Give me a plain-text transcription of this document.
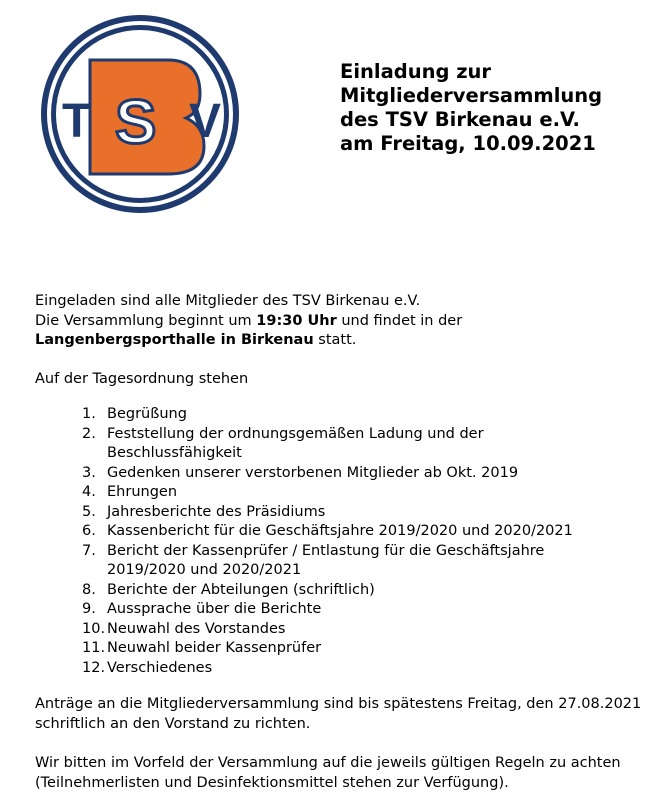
T S V
Einladung zur
Mitgliederversammlung
des TSV Birkenau e.V.
am Freitag, 10.09.2021
Eingeladen sind alle Mitglieder des TSV Birkenau e.V.
Die Versammlung beginnt um 19:30 Uhr und findet in der
Langenbergsporthalle in Birkenau statt.
Auf der Tagesordnung stehen
1. Begrüßung
2. Feststellung der ordnungsgemäßen Ladung und der Beschlussfähigkeit
3. Gedenken unserer verstorbenen Mitglieder ab Okt. 2019
4. Ehrungen
5. Jahresberichte des Präsidiums
6. Kassenbericht für die Geschäftsjahre 2019/2020 und 2020/2021
7. Bericht der Kassenprüfer / Entlastung für die Geschäftsjahre 2019/2020 und 2020/2021
8. Berichte der Abteilungen (schriftlich)
9. Aussprache über die Berichte
10. Neuwahl des Vorstandes
11. Neuwahl beider Kassenprüfer
12. Verschiedenes
Anträge an die Mitgliederversammlung sind bis spätestens Freitag, den 27.08.2021
schriftlich an den Vorstand zu richten.
Wir bitten im Vorfeld der Versammlung auf die jeweils gültigen Regeln zu achten
(Teilnehmerlisten und Desinfektionsmittel stehen zur Verfügung).
